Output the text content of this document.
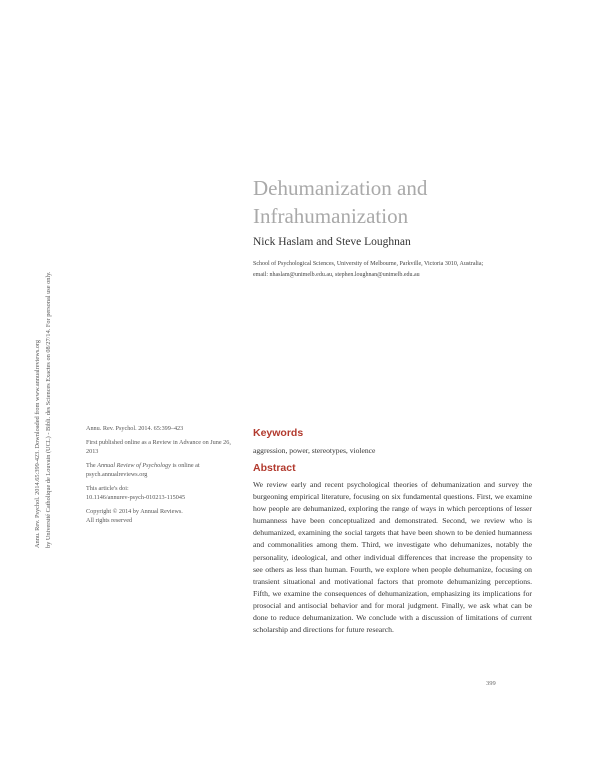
Annu. Rev. Psychol. 2014.65:399-423. Downloaded from www.annualreviews.org by Université Catholique de Louvain (UCL) - Bibli. des Sciences Exactes on 08/27/14. For personal use only.
Dehumanization and
Infrahumanization
Nick Haslam and Steve Loughnan
School of Psychological Sciences, University of Melbourne, Parkville, Victoria 3010, Australia;
email: nhaslam@unimelb.edu.au, stephen.loughnan@unimelb.edu.au

Annu. Rev. Psychol. 2014. 65:399–423

First published online as a Review in Advance on June 26, 2013

The Annual Review of Psychology is online at psych.annualreviews.org

This article's doi:
10.1146/annurev-psych-010213-115045

Copyright © 2014 by Annual Reviews.
All rights reserved

Keywords
aggression, power, stereotypes, violence
Abstract

We review early and recent psychological theories of dehumanization and survey the burgeoning empirical literature, focusing on six fundamental questions. First, we examine how people are dehumanized, exploring the range of ways in which perceptions of lesser humanness have been conceptualized and demonstrated. Second, we review who is dehumanized, examining the social targets that have been shown to be denied humanness and commonalities among them. Third, we investigate who dehumanizes, notably the personality, ideological, and other individual differences that increase the propensity to see others as less than human. Fourth, we explore when people dehumanize, focusing on transient situational and motivational factors that promote dehumanizing perceptions. Fifth, we examine the consequences of dehumanization, emphasizing its implications for prosocial and antisocial behavior and for moral judgment. Finally, we ask what can be done to reduce dehumanization. We conclude with a discussion of limitations of current scholarship and directions for future research.

399
